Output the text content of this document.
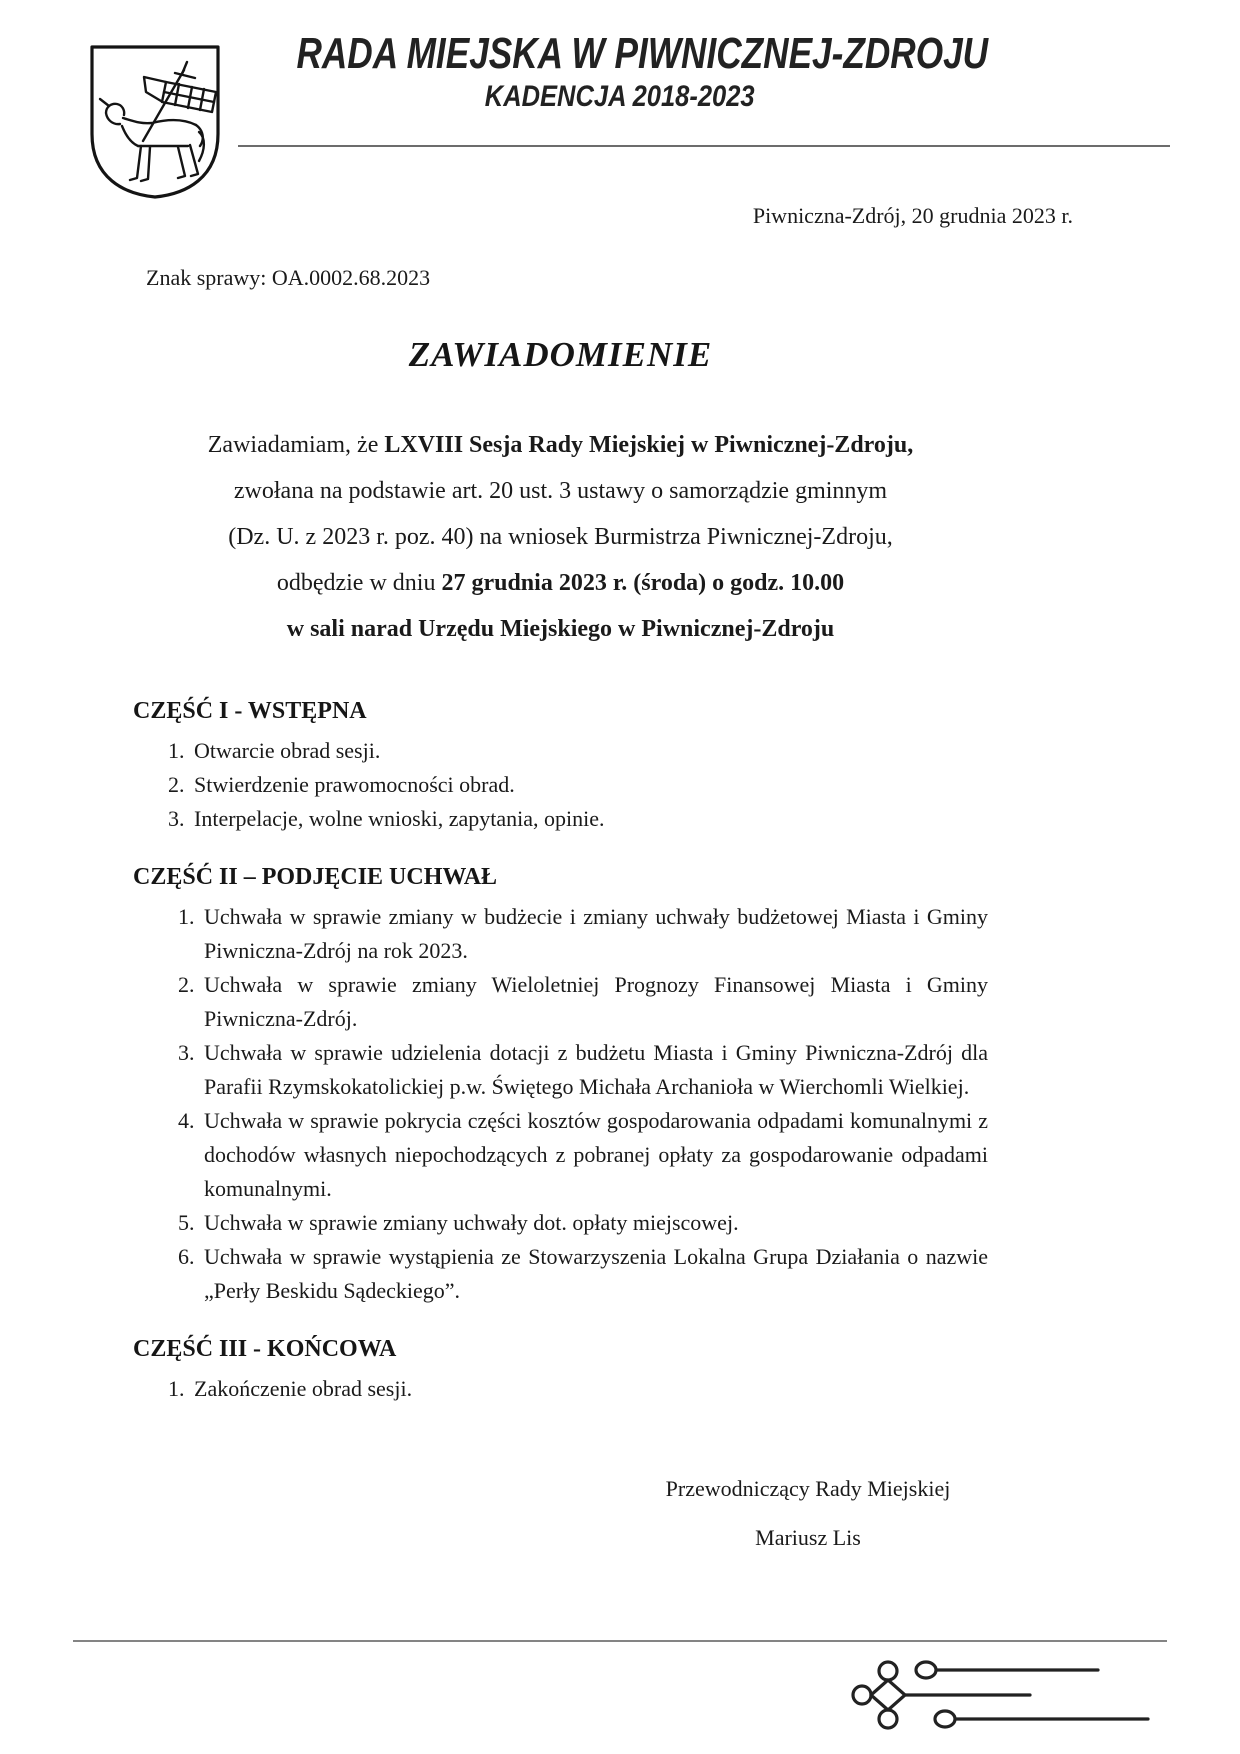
RADA MIEJSKA W PIWNICZNEJ-ZDROJU
KADENCJA 2018-2023
Piwniczna-Zdrój, 20 grudnia 2023 r.
Znak sprawy: OA.0002.68.2023
ZAWIADOMIENIE

Zawiadamiam, że LXVIII Sesja Rady Miejskiej w Piwnicznej-Zdroju,
zwołana na podstawie art. 20 ust. 3 ustawy o samorządzie gminnym
(Dz. U. z 2023 r. poz. 40) na wniosek Burmistrza Piwnicznej-Zdroju,
odbędzie w dniu 27 grudnia 2023 r. (środa) o godz. 10.00
w sali narad Urzędu Miejskiego w Piwnicznej-Zdroju

CZĘŚĆ I - WSTĘPNA
1. Otwarcie obrad sesji.
2. Stwierdzenie prawomocności obrad.
3. Interpelacje, wolne wnioski, zapytania, opinie.
CZĘŚĆ II – PODJĘCIE UCHWAŁ
1. Uchwała w sprawie zmiany w budżecie i zmiany uchwały budżetowej Miasta i Gminy Piwniczna-Zdrój na rok 2023.
2. Uchwała w sprawie zmiany Wieloletniej Prognozy Finansowej Miasta i Gminy Piwniczna-Zdrój.
3. Uchwała w sprawie udzielenia dotacji z budżetu Miasta i Gminy Piwniczna-Zdrój dla Parafii Rzymskokatolickiej p.w. Świętego Michała Archanioła w Wierchomli Wielkiej.
4. Uchwała w sprawie pokrycia części kosztów gospodarowania odpadami komunalnymi z dochodów własnych niepochodzących z pobranej opłaty za gospodarowanie odpadami komunalnymi.
5. Uchwała w sprawie zmiany uchwały dot. opłaty miejscowej.
6. Uchwała w sprawie wystąpienia ze Stowarzyszenia Lokalna Grupa Działania o nazwie „Perły Beskidu Sądeckiego”.
CZĘŚĆ III - KOŃCOWA
1. Zakończenie obrad sesji.
Przewodniczący Rady Miejskiej
Mariusz Lis
